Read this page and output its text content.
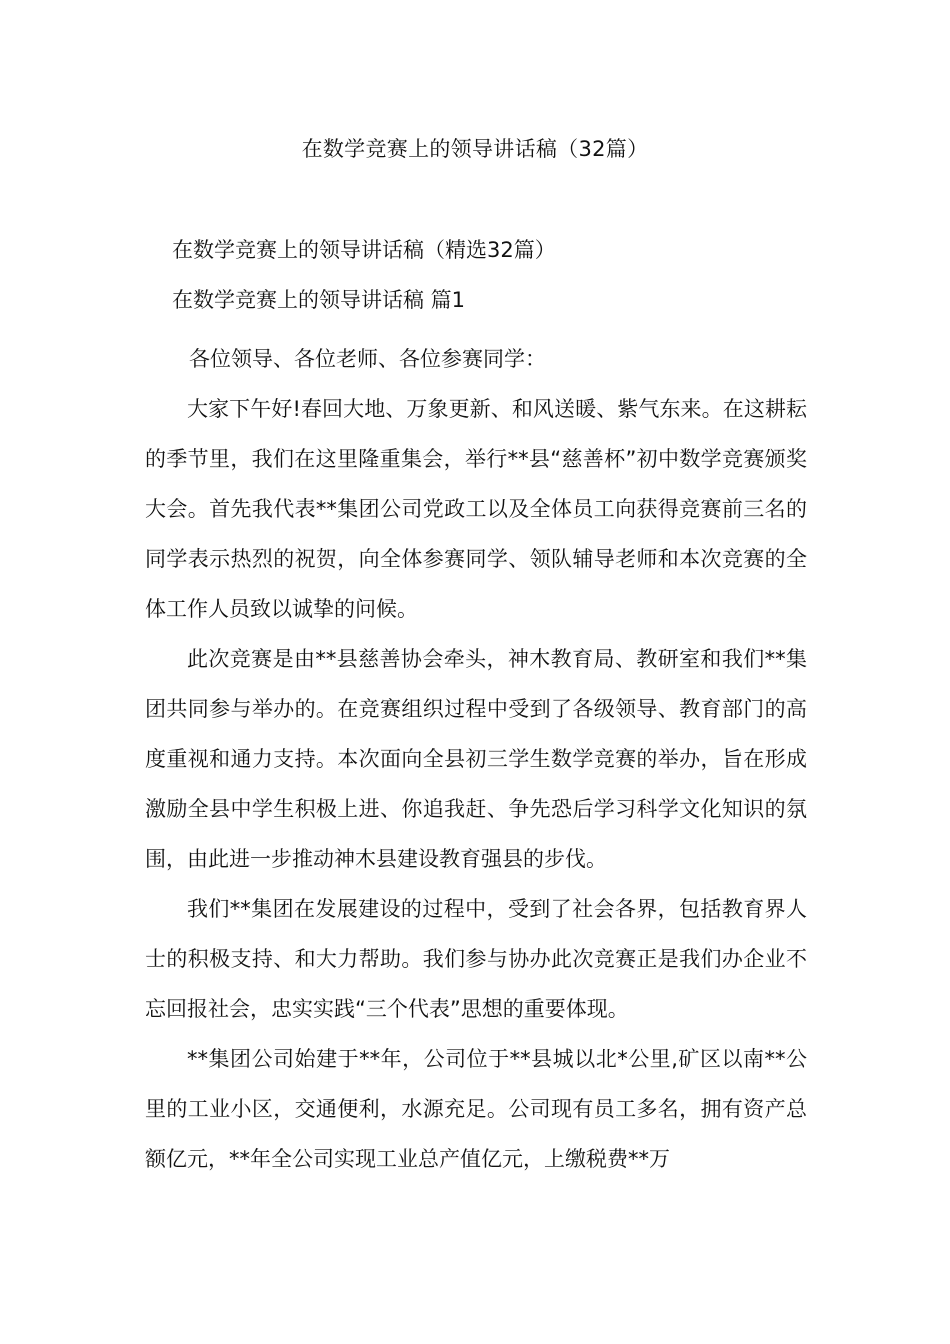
在数学竞赛上的领导讲话稿（32篇）
在数学竞赛上的领导讲话稿（精选32篇）
在数学竞赛上的领导讲话稿 篇1

各位领导、各位老师、各位参赛同学：

大家下午好!春回大地、万象更新、和风送暖、紫气东来。在这耕耘的季节里，我们在这里隆重集会，举行**县“慈善杯”初中数学竞赛颁奖大会。首先我代表**集团公司党政工以及全体员工向获得竞赛前三名的同学表示热烈的祝贺，向全体参赛同学、领队辅导老师和本次竞赛的全体工作人员致以诚挚的问候。

此次竞赛是由**县慈善协会牵头，神木教育局、教研室和我们**集团共同参与举办的。在竞赛组织过程中受到了各级领导、教育部门的高度重视和通力支持。本次面向全县初三学生数学竞赛的举办，旨在形成激励全县中学生积极上进、你追我赶、争先恐后学习科学文化知识的氛围，由此进一步推动神木县建设教育强县的步伐。

我们**集团在发展建设的过程中，受到了社会各界，包括教育界人士的积极支持、和大力帮助。我们参与协办此次竞赛正是我们办企业不忘回报社会，忠实实践“三个代表”思想的重要体现。

**集团公司始建于**年，公司位于**县城以北*公里,矿区以南**公里的工业小区，交通便利，水源充足。公司现有员工多名，拥有资产总额亿元，**年全公司实现工业总产值亿元，上缴税费**万
